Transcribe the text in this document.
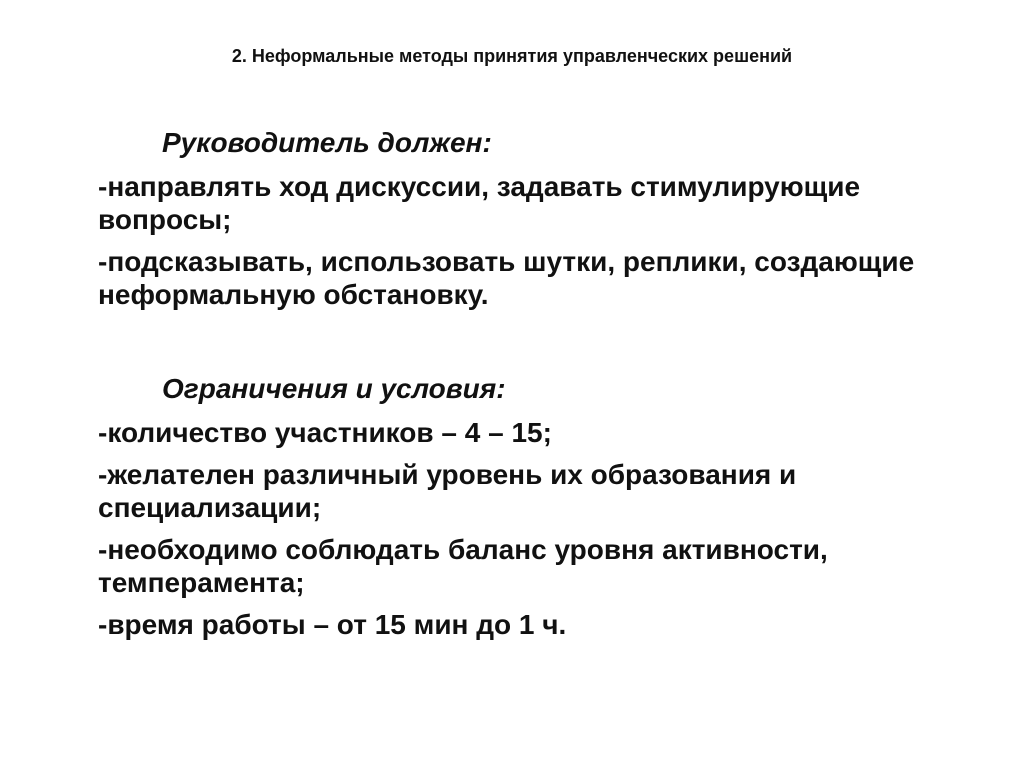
2. Неформальные методы принятия управленческих решений
Руководитель должен:
-направлять ход дискуссии, задавать стимулирующие вопросы;
-подсказывать, использовать шутки, реплики, создающие неформальную обстановку.
Ограничения и условия:
-количество участников – 4 – 15;
-желателен различный уровень их образования и специализации;
-необходимо соблюдать баланс уровня активности, темперамента;
-время работы – от 15 мин до 1 ч.
